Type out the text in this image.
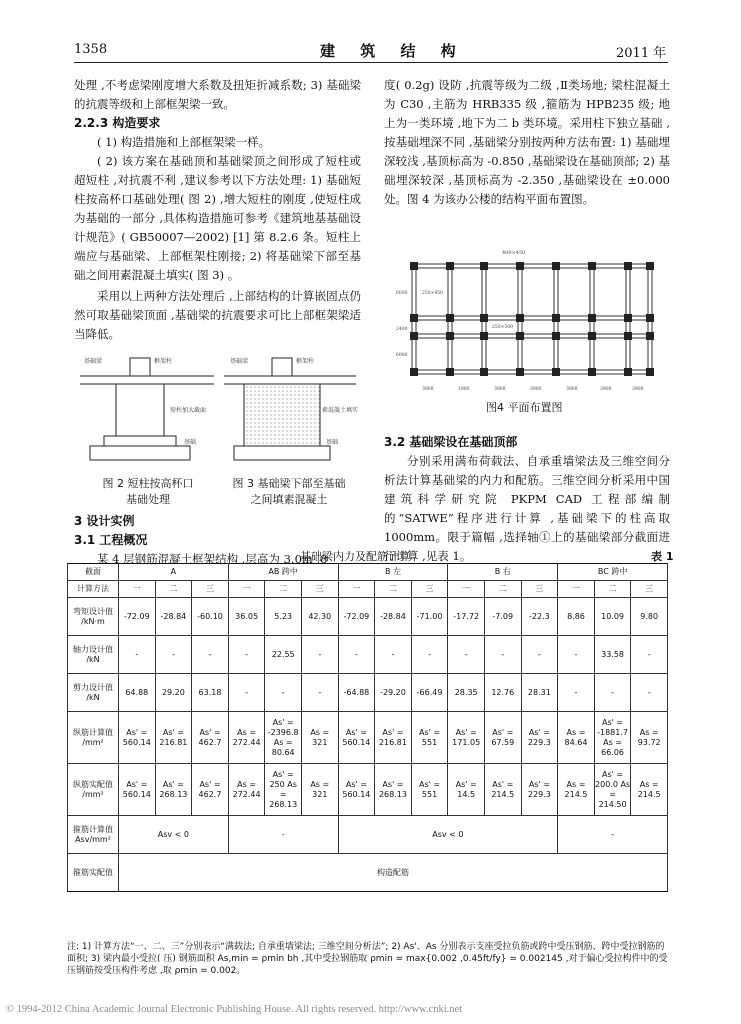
1358	建 筑 结 构	2011 年

处理 ,不考虑梁刚度增大系数及扭矩折减系数; 3) 基础梁的抗震等级和上部框架梁一致。

2.2.3 构造要求

( 1) 构造措施和上部框架梁一样。

( 2) 该方案在基础顶和基础梁顶之间形成了短柱或超短柱 ,对抗震不利 ,建议参考以下方法处理: 1) 基础短柱按高杯口基础处理( 图 2) ,增大短柱的刚度 ,使短柱成为基础的一部分 ,具体构造措施可参考《建筑地基基础设计规范》( GB50007—2002) [1] 第 8.2.6 条。短柱上端应与基础梁、上部框架柱刚接; 2) 将基础梁下部至基础之间用素混凝土填实( 图 3) 。

采用以上两种方法处理后 ,上部结构的计算嵌固点仍然可取基础梁顶面 ,基础梁的抗震要求可比上部框架梁适当降低。

基础梁	框架柱
短柱加大截面
基础
图 2 短柱按高杯口
基础处理
基础梁	框架柱
素混凝土填实
基础
图 3 基础梁下部至基础
之间填素混凝土

3 设计实例

3.1 工程概况

某 4 层钢筋混凝土框架结构 ,层高为 3.0m ,8

度( 0.2g) 设防 ,抗震等级为二级 ,Ⅱ类场地; 梁柱混凝土为 C30 ,主筋为 HRB335 级 ,箍筋为 HPB235 级; 地上为一类环境 ,地下为二 b 类环境。采用柱下独立基础 ,按基础埋深不同 ,基础梁分别按两种方法布置: 1) 基础埋深较浅 ,基顶标高为 -0.850 ,基础梁设在基础顶部; 2) 基础埋深较深 ,基顶标高为 -2.350 ,基础梁设在 ±0.000 处。图 4 为该办公楼的结构平面布置图。

400×450
250×450
250×500
3900	1900	3900	3900	3900	3900	3900
6000
2400
6000
图4 平面布置图

3.2 基础梁设在基础顶部

分别采用满布荷载法、自承重墙梁法及三维空间分析法计算基础梁的内力和配筋。三维空间分析采用中国建筑科学研究院 PKPM CAD 工程部编制的“SATWE”程序进行计算 ,基础梁下的柱高取 1000mm。限于篇幅 ,选择轴①上的基础梁部分截面进行计算 ,见表 1。

基础梁内力及配筋计算	表 1
截面	A			AB 跨中			B 左			B 右			BC 跨中		
计算方法	一	二	三	一	二	三	一	二	三	一	二	三	一	二	三
弯矩设计值 /kN·m	-72.09	-28.84	-60.10	36.05	5.23	42.30	-72.09	-28.84	-71.00	-17.72	-7.09	-22.3	8.86	10.09	9.80
轴力设计值 /kN	-	-	-	-	22.55	-	-	-	-	-	-	-	-	33.58	-
剪力设计值 /kN	64.88	29.20	63.18	-	-	-	-64.88	-29.20	-66.49	28.35	12.76	28.31	-	-	-
纵筋计算值 /mm²	As' = 560.14	As' = 216.81	As' = 462.7	As = 272.44	As' = -2396.8 As = 80.64	As = 321	As' = 560.14	As' = 216.81	As' = 551	As' = 171.05	As' = 67.59	As' = 229.3	As = 84.64	As' = -1881.7 As = 66.06	As = 93.72
纵筋实配值 /mm²	As' = 560.14	As' = 268.13	As' = 462.7	As = 272.44	As' = 250 As = 268.13	As = 321	As' = 560.14	As' = 268.13	As' = 551	As' = 14.5	As' = 214.5	As' = 229.3	As = 214.5	As' = 200.0 As = 214.50	As = 214.5
箍筋计算值 Asv/mm²	Asv < 0			-			Asv < 0						-		
箍筋实配值	构造配筋														
注: 1) 计算方法“一、二、三”分别表示“满载法; 自承重墙梁法; 三维空间分析法”; 2) As'、As 分别表示支座受拉负筋或跨中受压钢筋、跨中受拉钢筋的面积; 3) 梁内最小受拉( 压) 钢筋面积 As,min = ρmin bh ,其中受拉钢筋取 ρmin = max{0.002 ,0.45ft/fy} = 0.002145 ,对于偏心受拉构件中的受压钢筋按受压构件考虑 ,取 ρmin = 0.002。
© 1994-2012 China Academic Journal Electronic Publishing House. All rights reserved. http://www.cnki.net
